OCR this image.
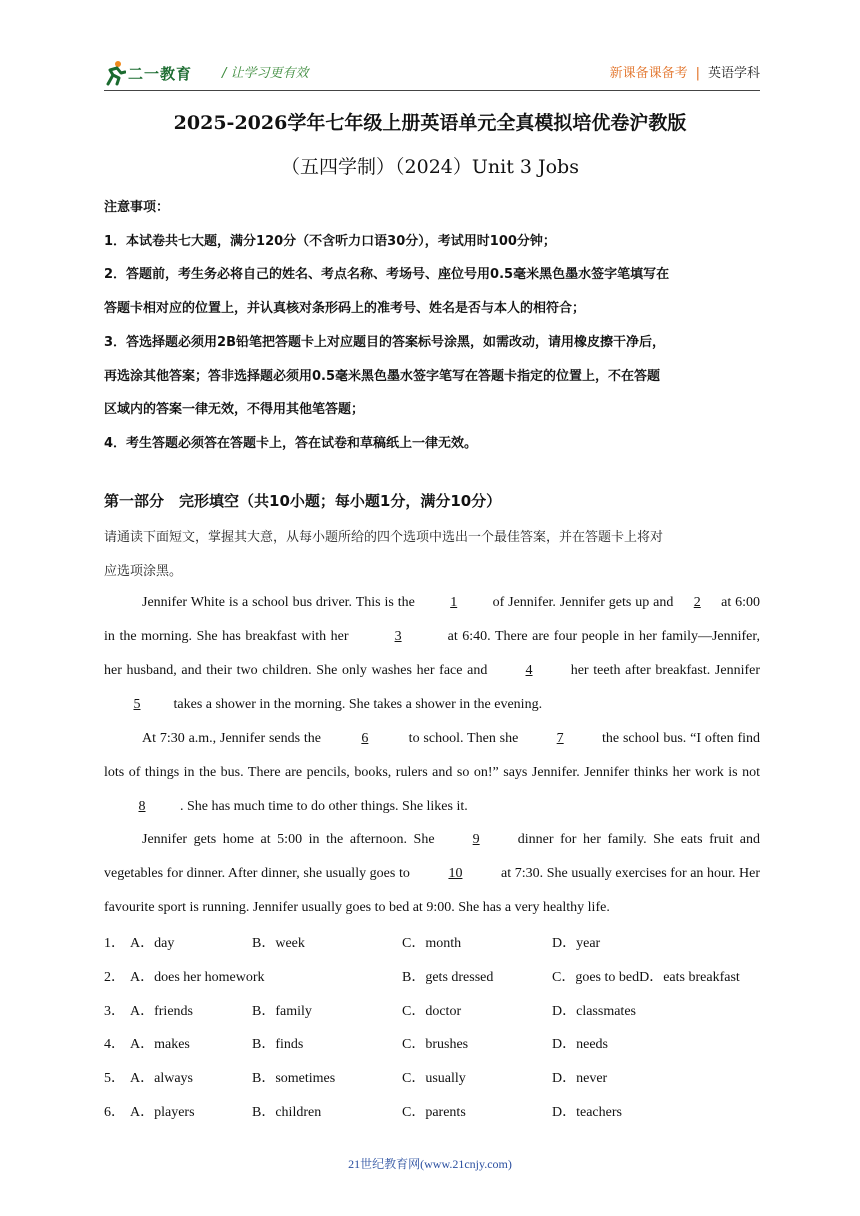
二一教育 / 让学习更有效	新课备课备考 | 英语学科
2025-2026学年七年级上册英语单元全真模拟培优卷沪教版
（五四学制）（2024）Unit 3 Jobs
注意事项：
1．本试卷共七大题，满分120分（不含听力口语30分），考试用时100分钟；
2．答题前，考生务必将自己的姓名、考点名称、考场号、座位号用0.5毫米黑色墨水签字笔填写在
答题卡相对应的位置上，并认真核对条形码上的准考号、姓名是否与本人的相符合；
3．答选择题必须用2B铅笔把答题卡上对应题目的答案标号涂黑，如需改动，请用橡皮擦干净后，
再选涂其他答案；答非选择题必须用0.5毫米黑色墨水签字笔写在答题卡指定的位置上，不在答题
区域内的答案一律无效，不得用其他笔答题；
4．考生答题必须答在答题卡上，答在试卷和草稿纸上一律无效。
第一部分　完形填空（共10小题；每小题1分，满分10分）
请通读下面短文，掌握其大意，从每小题所给的四个选项中选出一个最佳答案，并在答题卡上将对
应选项涂黑。
Jennifer White is a school bus driver. This is the 1 of Jennifer. Jennifer gets up and 2 at 6:00 in the morning. She has breakfast with her	3	at 6:40. There are four people in her family—Jennifer, her husband, and their two children. She only washes her face and 4 her teeth after breakfast. Jennifer 5 takes a shower in the morning. She takes a shower in the evening.
At 7:30 a.m., Jennifer sends the	6	to school. Then she 7 the school bus. “I often find lots of things in the bus. There are pencils, books, rulers and so on!” says Jennifer. Jennifer thinks her work is not 8 . She has much time to do other things. She likes it.
Jennifer gets home at 5:00 in the afternoon. She 9 dinner for her family. She eats fruit and vegetables for dinner. After dinner, she usually goes to	10	at 7:30. She usually exercises for an hour. Her favourite sport is running. Jennifer usually goes to bed at 9:00. She has a very healthy life.
1． A．day	B．week	C．month	D．year
2． A．does her homework	B．gets dressed	C．goes to bedD．eats breakfast
3． A．friends	B．family	C．doctor	D．classmates
4． A．makes	B．finds	C．brushes	D．needs
5． A．always	B．sometimes	C．usually	D．never
6． A．players	B．children	C．parents	D．teachers
21世纪教育网(www.21cnjy.com)
